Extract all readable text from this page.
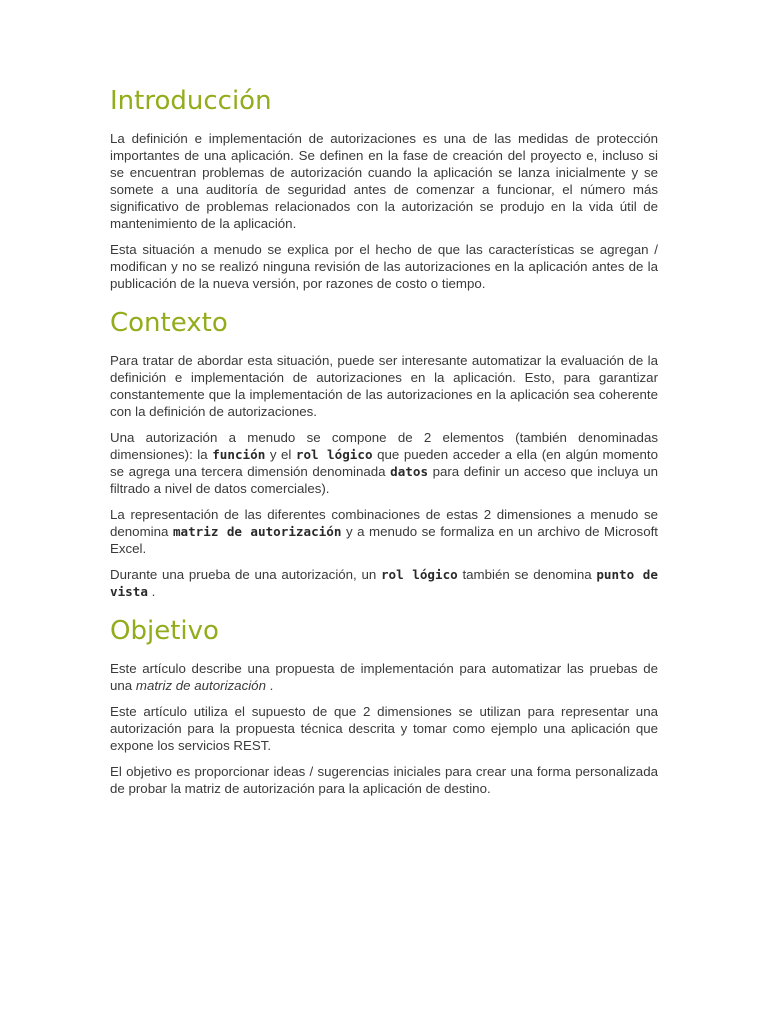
Introducción

La definición e implementación de autorizaciones es una de las medidas de protección importantes de una aplicación. Se definen en la fase de creación del proyecto e, incluso si se encuentran problemas de autorización cuando la aplicación se lanza inicialmente y se somete a una auditoría de seguridad antes de comenzar a funcionar, el número más significativo de problemas relacionados con la autorización se produjo en la vida útil de mantenimiento de la aplicación.

Esta situación a menudo se explica por el hecho de que las características se agregan / modifican y no se realizó ninguna revisión de las autorizaciones en la aplicación antes de la publicación de la nueva versión, por razones de costo o tiempo.

Contexto

Para tratar de abordar esta situación, puede ser interesante automatizar la evaluación de la definición e implementación de autorizaciones en la aplicación. Esto, para garantizar constantemente que la implementación de las autorizaciones en la aplicación sea coherente con la definición de autorizaciones.

Una autorización a menudo se compone de 2 elementos (también denominadas dimensiones): la función y el rol lógico que pueden acceder a ella (en algún momento se agrega una tercera dimensión denominada datos para definir un acceso que incluya un filtrado a nivel de datos comerciales).

La representación de las diferentes combinaciones de estas 2 dimensiones a menudo se denomina matriz de autorización y a menudo se formaliza en un archivo de Microsoft Excel.

Durante una prueba de una autorización, un rol lógico también se denomina punto de vista .

Objetivo

Este artículo describe una propuesta de implementación para automatizar las pruebas de una matriz de autorización .

Este artículo utiliza el supuesto de que 2 dimensiones se utilizan para representar una autorización para la propuesta técnica descrita y tomar como ejemplo una aplicación que expone los servicios REST.

El objetivo es proporcionar ideas / sugerencias iniciales para crear una forma personalizada de probar la matriz de autorización para la aplicación de destino.
